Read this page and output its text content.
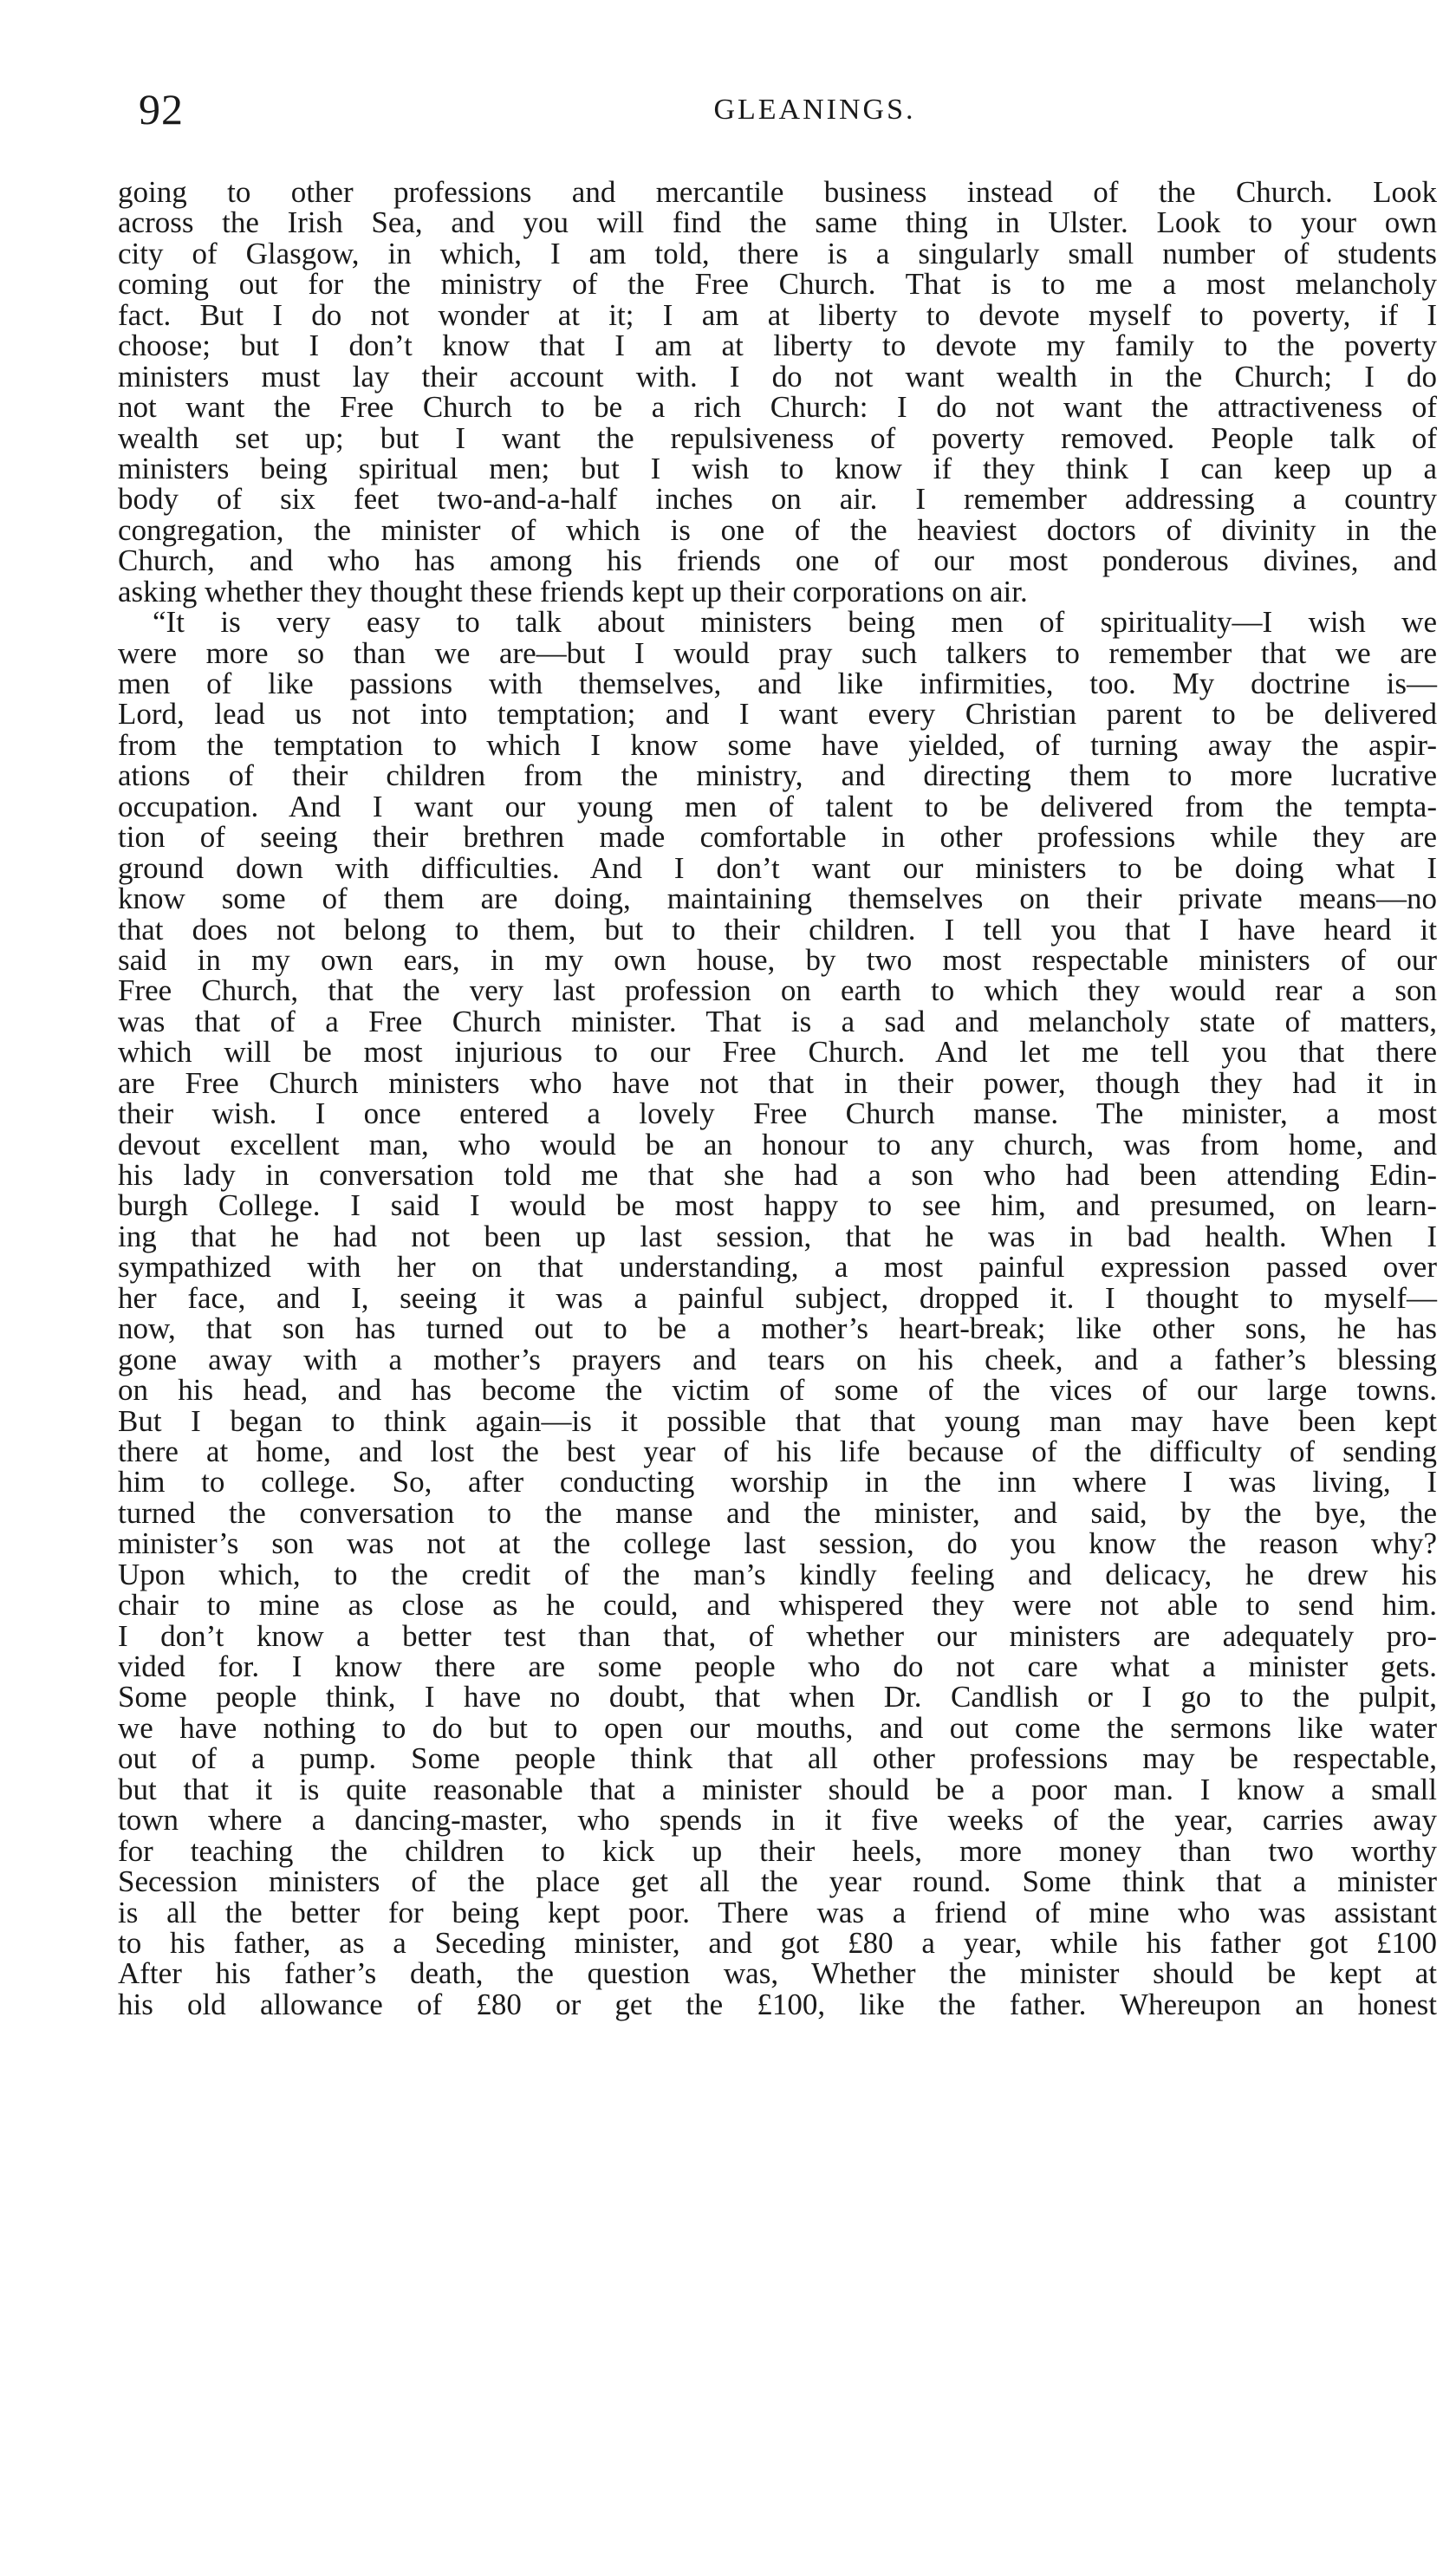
92	GLEANINGS.
going to other professions and mercantile business instead of the Church. Look
across the Irish Sea, and you will find the same thing in Ulster. Look to your own
city of Glasgow, in which, I am told, there is a singularly small number of students
coming out for the ministry of the Free Church. That is to me a most melancholy
fact. But I do not wonder at it; I am at liberty to devote myself to poverty, if I
choose; but I don’t know that I am at liberty to devote my family to the poverty
ministers must lay their account with. I do not want wealth in the Church; I do
not want the Free Church to be a rich Church: I do not want the attractiveness of
wealth set up; but I want the repulsiveness of poverty removed. People talk of
ministers being spiritual men; but I wish to know if they think I can keep up a
body of six feet two-and-a-half inches on air. I remember addressing a country
congregation, the minister of which is one of the heaviest doctors of divinity in the
Church, and who has among his friends one of our most ponderous divines, and
asking whether they thought these friends kept up their corporations on air.
“It is very easy to talk about ministers being men of spirituality—I wish we
were more so than we are—but I would pray such talkers to remember that we are
men of like passions with themselves, and like infirmities, too. My doctrine is—
Lord, lead us not into temptation; and I want every Christian parent to be delivered
from the temptation to which I know some have yielded, of turning away the aspir-
ations of their children from the ministry, and directing them to more lucrative
occupation. And I want our young men of talent to be delivered from the tempta-
tion of seeing their brethren made comfortable in other professions while they are
ground down with difficulties. And I don’t want our ministers to be doing what I
know some of them are doing, maintaining themselves on their private means—no
that does not belong to them, but to their children. I tell you that I have heard it
said in my own ears, in my own house, by two most respectable ministers of our
Free Church, that the very last profession on earth to which they would rear a son
was that of a Free Church minister. That is a sad and melancholy state of matters,
which will be most injurious to our Free Church. And let me tell you that there
are Free Church ministers who have not that in their power, though they had it in
their wish. I once entered a lovely Free Church manse. The minister, a most
devout excellent man, who would be an honour to any church, was from home, and
his lady in conversation told me that she had a son who had been attending Edin-
burgh College. I said I would be most happy to see him, and presumed, on learn-
ing that he had not been up last session, that he was in bad health. When I
sympathized with her on that understanding, a most painful expression passed over
her face, and I, seeing it was a painful subject, dropped it. I thought to myself—
now, that son has turned out to be a mother’s heart-break; like other sons, he has
gone away with a mother’s prayers and tears on his cheek, and a father’s blessing
on his head, and has become the victim of some of the vices of our large towns.
But I began to think again—is it possible that that young man may have been kept
there at home, and lost the best year of his life because of the difficulty of sending
him to college. So, after conducting worship in the inn where I was living, I
turned the conversation to the manse and the minister, and said, by the bye, the
minister’s son was not at the college last session, do you know the reason why?
Upon which, to the credit of the man’s kindly feeling and delicacy, he drew his
chair to mine as close as he could, and whispered they were not able to send him.
I don’t know a better test than that, of whether our ministers are adequately pro-
vided for. I know there are some people who do not care what a minister gets.
Some people think, I have no doubt, that when Dr. Candlish or I go to the pulpit,
we have nothing to do but to open our mouths, and out come the sermons like water
out of a pump. Some people think that all other professions may be respectable,
but that it is quite reasonable that a minister should be a poor man. I know a small
town where a dancing-master, who spends in it five weeks of the year, carries away
for teaching the children to kick up their heels, more money than two worthy
Secession ministers of the place get all the year round. Some think that a minister
is all the better for being kept poor. There was a friend of mine who was assistant
to his father, as a Seceding minister, and got £80 a year, while his father got £100
After his father’s death, the question was, Whether the minister should be kept at
his old allowance of £80 or get the £100, like the father. Whereupon an honest
